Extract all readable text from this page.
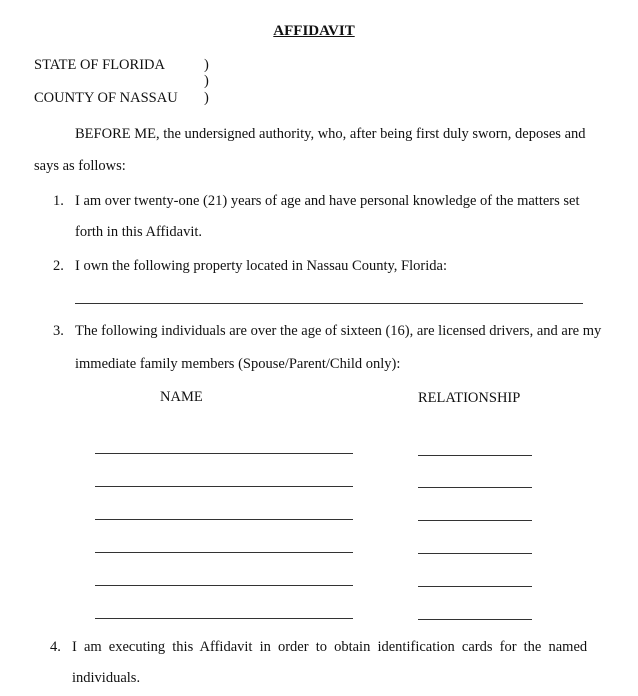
AFFIDAVIT
STATE OF FLORIDA
COUNTY OF NASSAU
)
)
)
BEFORE ME, the undersigned authority, who, after being first duly sworn, deposes and
says as follows:
1. I am over twenty-one (21) years of age and have personal knowledge of the matters set
forth in this Affidavit.
2. I own the following property located in Nassau County, Florida:
3. The following individuals are over the age of sixteen (16), are licensed drivers, and are my
immediate family members (Spouse/Parent/Child only):
NAME	RELATIONSHIP
4. I am executing this Affidavit in order to obtain identification cards for the named
individuals.
